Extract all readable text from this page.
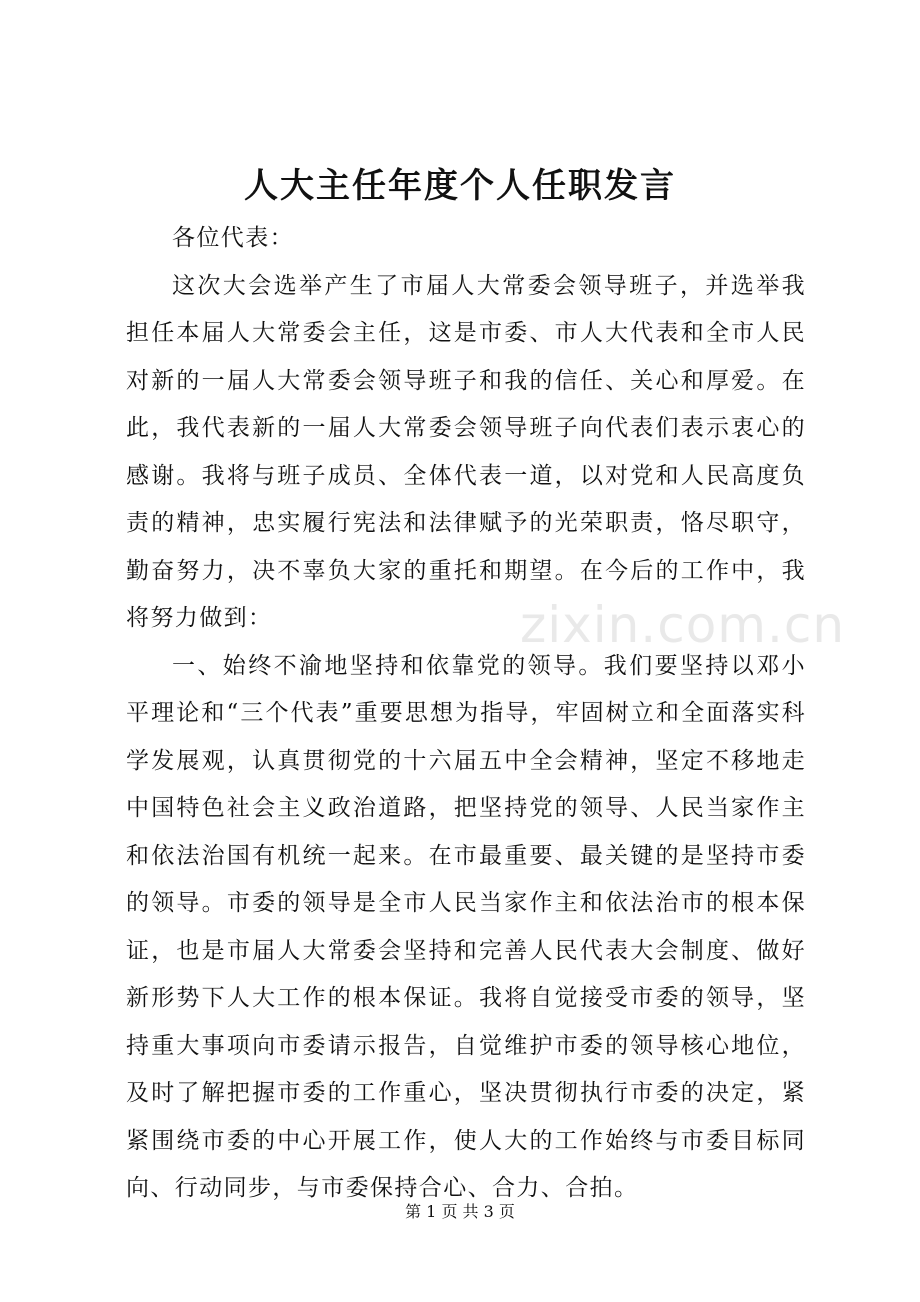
zixin.com.cn
人大主任年度个人任职发言

各位代表：

这次大会选举产生了市届人大常委会领导班子，并选举我担任本届人大常委会主任，这是市委、市人大代表和全市人民对新的一届人大常委会领导班子和我的信任、关心和厚爱。在此，我代表新的一届人大常委会领导班子向代表们表示衷心的感谢。我将与班子成员、全体代表一道，以对党和人民高度负责的精神，忠实履行宪法和法律赋予的光荣职责，恪尽职守，勤奋努力，决不辜负大家的重托和期望。在今后的工作中，我将努力做到：

一、始终不渝地坚持和依靠党的领导。我们要坚持以邓小平理论和“三个代表”重要思想为指导，牢固树立和全面落实科学发展观，认真贯彻党的十六届五中全会精神，坚定不移地走中国特色社会主义政治道路，把坚持党的领导、人民当家作主和依法治国有机统一起来。在市最重要、最关键的是坚持市委的领导。市委的领导是全市人民当家作主和依法治市的根本保证，也是市届人大常委会坚持和完善人民代表大会制度、做好新形势下人大工作的根本保证。我将自觉接受市委的领导，坚持重大事项向市委请示报告，自觉维护市委的领导核心地位，及时了解把握市委的工作重心，坚决贯彻执行市委的决定，紧紧围绕市委的中心开展工作，使人大的工作始终与市委目标同向、行动同步，与市委保持合心、合力、合拍。

第 1 页 共 3 页
